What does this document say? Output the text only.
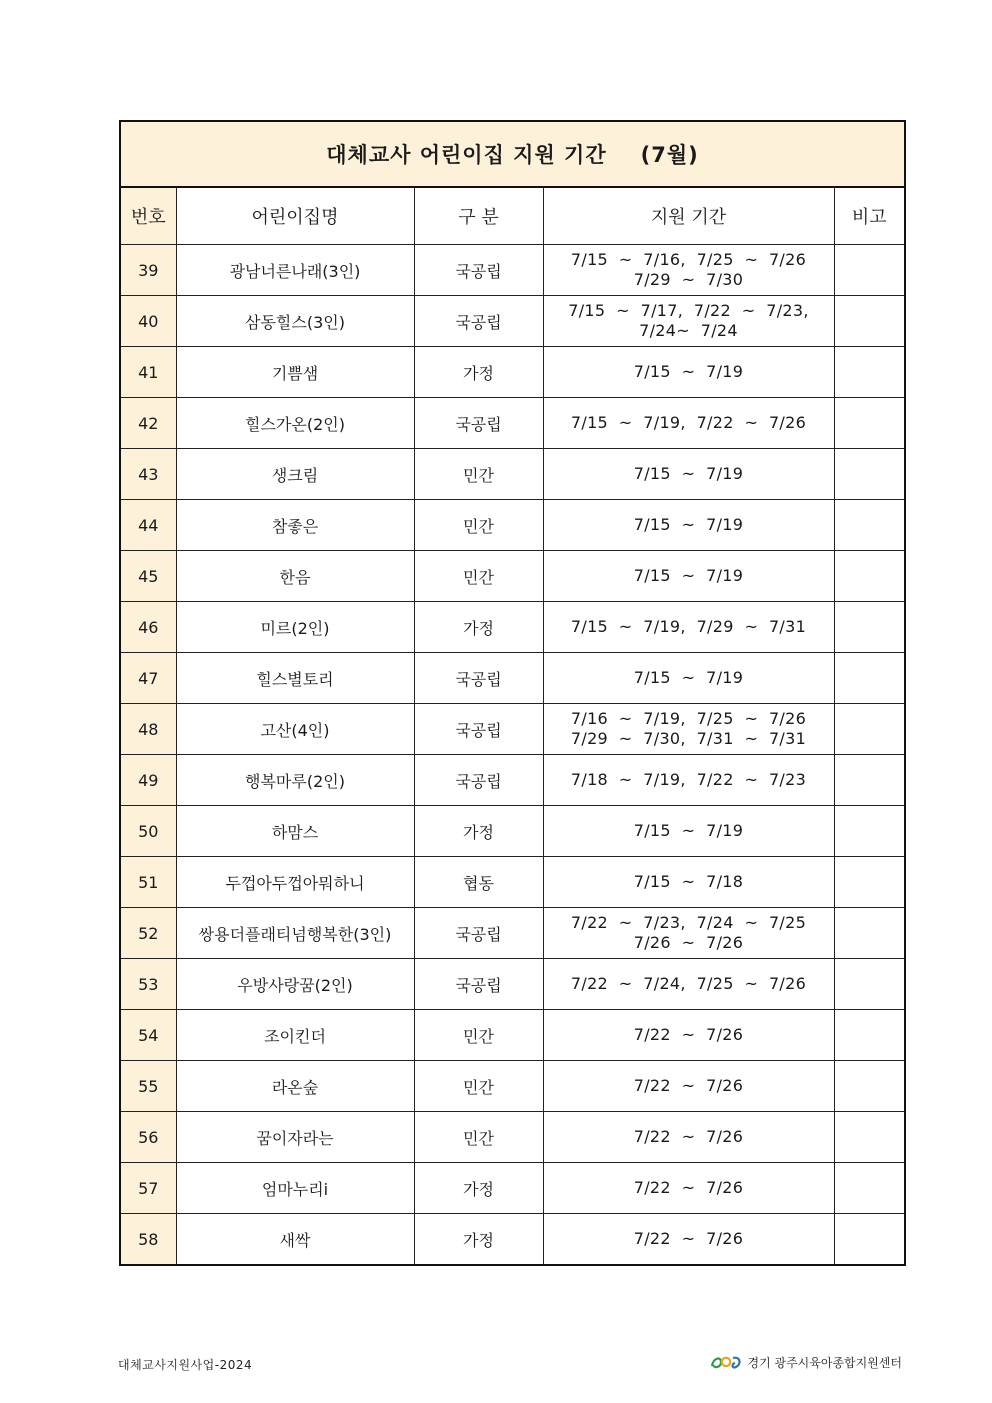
대체교사 어린이집 지원 기간 (7월)				
번호	어린이집명	구 분	지원 기간	비고
39	광남너른나래(3인)	국공립	7/15  ~  7/16,  7/25  ~  7/26
7/29  ~  7/30	

40	삼동힐스(3인)	국공립	7/15  ~  7/17,  7/22  ~  7/23,
7/24~  7/24	

41	기쁨샘	가정	7/15  ~  7/19	

42	힐스가온(2인)	국공립	7/15  ~  7/19,  7/22  ~  7/26	

43	생크림	민간	7/15  ~  7/19	

44	참좋은	민간	7/15  ~  7/19	

45	한음	민간	7/15  ~  7/19	

46	미르(2인)	가정	7/15  ~  7/19,  7/29  ~  7/31	

47	힐스별토리	국공립	7/15  ~  7/19	

48	고산(4인)	국공립	7/16  ~  7/19,  7/25  ~  7/26
7/29  ~  7/30,  7/31  ~  7/31	

49	행복마루(2인)	국공립	7/18  ~  7/19,  7/22  ~  7/23	

50	하맘스	가정	7/15  ~  7/19	

51	두껍아두껍아뭐하니	협동	7/15  ~  7/18	

52	쌍용더플래티넘행복한(3인)	국공립	7/22  ~  7/23,  7/24  ~  7/25
7/26  ~  7/26	

53	우방사랑꿈(2인)	국공립	7/22  ~  7/24,  7/25  ~  7/26	

54	조이킨더	민간	7/22  ~  7/26	

55	라온숲	민간	7/22  ~  7/26	

56	꿈이자라는	민간	7/22  ~  7/26	

57	엄마누리i	가정	7/22  ~  7/26	

58	새싹	가정	7/22  ~  7/26	

대체교사지원사업-2024	경기 광주시육아종합지원센터
